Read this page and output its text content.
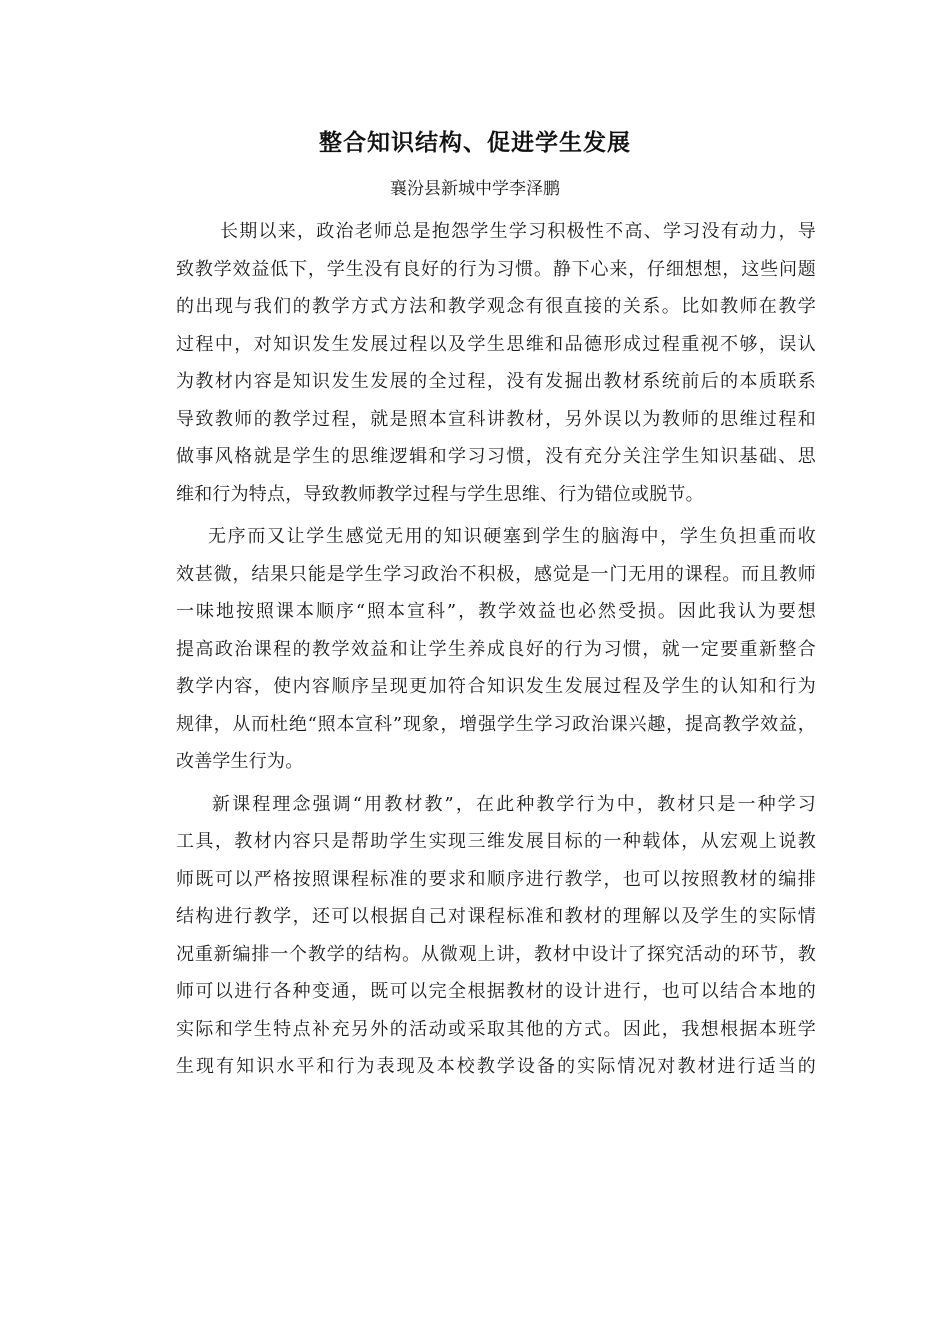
整合知识结构、促进学生发展
襄汾县新城中学李泽鹏
长期以来，政治老师总是抱怨学生学习积极性不高、学习没有动力，导
致教学效益低下，学生没有良好的行为习惯。静下心来，仔细想想，这些问题
的出现与我们的教学方式方法和教学观念有很直接的关系。比如教师在教学
过程中，对知识发生发展过程以及学生思维和品德形成过程重视不够，误认
为教材内容是知识发生发展的全过程，没有发掘出教材系统前后的本质联系
导致教师的教学过程，就是照本宣科讲教材，另外误以为教师的思维过程和
做事风格就是学生的思维逻辑和学习习惯，没有充分关注学生知识基础、思
维和行为特点，导致教师教学过程与学生思维、行为错位或脱节。
无序而又让学生感觉无用的知识硬塞到学生的脑海中，学生负担重而收
效甚微，结果只能是学生学习政治不积极，感觉是一门无用的课程。而且教师
一味地按照课本顺序“照本宣科”，教学效益也必然受损。因此我认为要想
提高政治课程的教学效益和让学生养成良好的行为习惯，就一定要重新整合
教学内容，使内容顺序呈现更加符合知识发生发展过程及学生的认知和行为
规律，从而杜绝“照本宣科”现象，增强学生学习政治课兴趣，提高教学效益，
改善学生行为。
新课程理念强调“用教材教”，在此种教学行为中，教材只是一种学习
工具，教材内容只是帮助学生实现三维发展目标的一种载体，从宏观上说教
师既可以严格按照课程标准的要求和顺序进行教学，也可以按照教材的编排
结构进行教学，还可以根据自己对课程标准和教材的理解以及学生的实际情
况重新编排一个教学的结构。从微观上讲，教材中设计了探究活动的环节，教
师可以进行各种变通，既可以完全根据教材的设计进行，也可以结合本地的
实际和学生特点补充另外的活动或采取其他的方式。因此，我想根据本班学
生现有知识水平和行为表现及本校教学设备的实际情况对教材进行适当的
